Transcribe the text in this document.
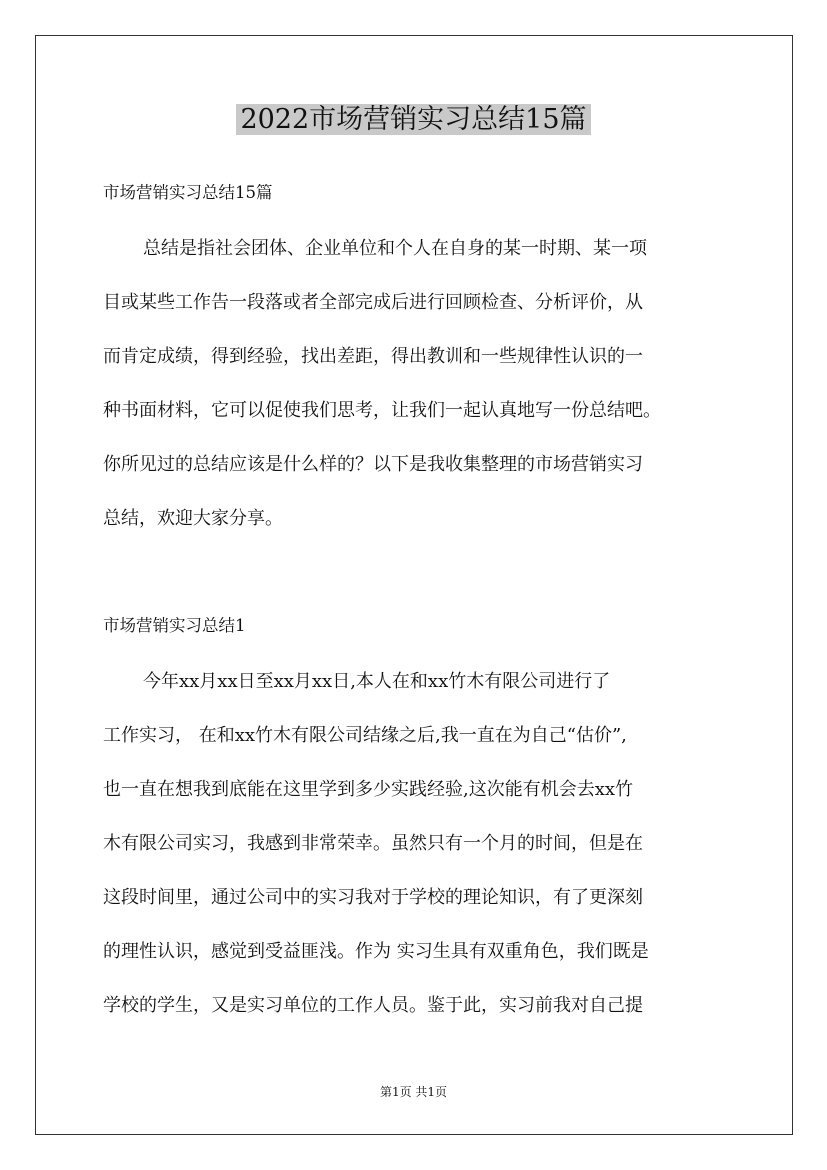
2022市场营销实习总结15篇
市场营销实习总结15篇
总结是指社会团体、企业单位和个人在自身的某一时期、某一项
目或某些工作告一段落或者全部完成后进行回顾检查、分析评价，从
而肯定成绩，得到经验，找出差距，得出教训和一些规律性认识的一
种书面材料，它可以促使我们思考，让我们一起认真地写一份总结吧。
你所见过的总结应该是什么样的？以下是我收集整理的市场营销实习
总结，欢迎大家分享。
市场营销实习总结1
今年xx月xx日至xx月xx日,本人在和xx竹木有限公司进行了
工作实习， 在和xx竹木有限公司结缘之后,我一直在为自己“估价”,
也一直在想我到底能在这里学到多少实践经验,这次能有机会去xx竹
木有限公司实习，我感到非常荣幸。虽然只有一个月的时间，但是在
这段时间里，通过公司中的实习我对于学校的理论知识，有了更深刻
的理性认识，感觉到受益匪浅。作为 实习生具有双重角色，我们既是
学校的学生，又是实习单位的工作人员。鉴于此，实习前我对自己提
第1页 共1页
